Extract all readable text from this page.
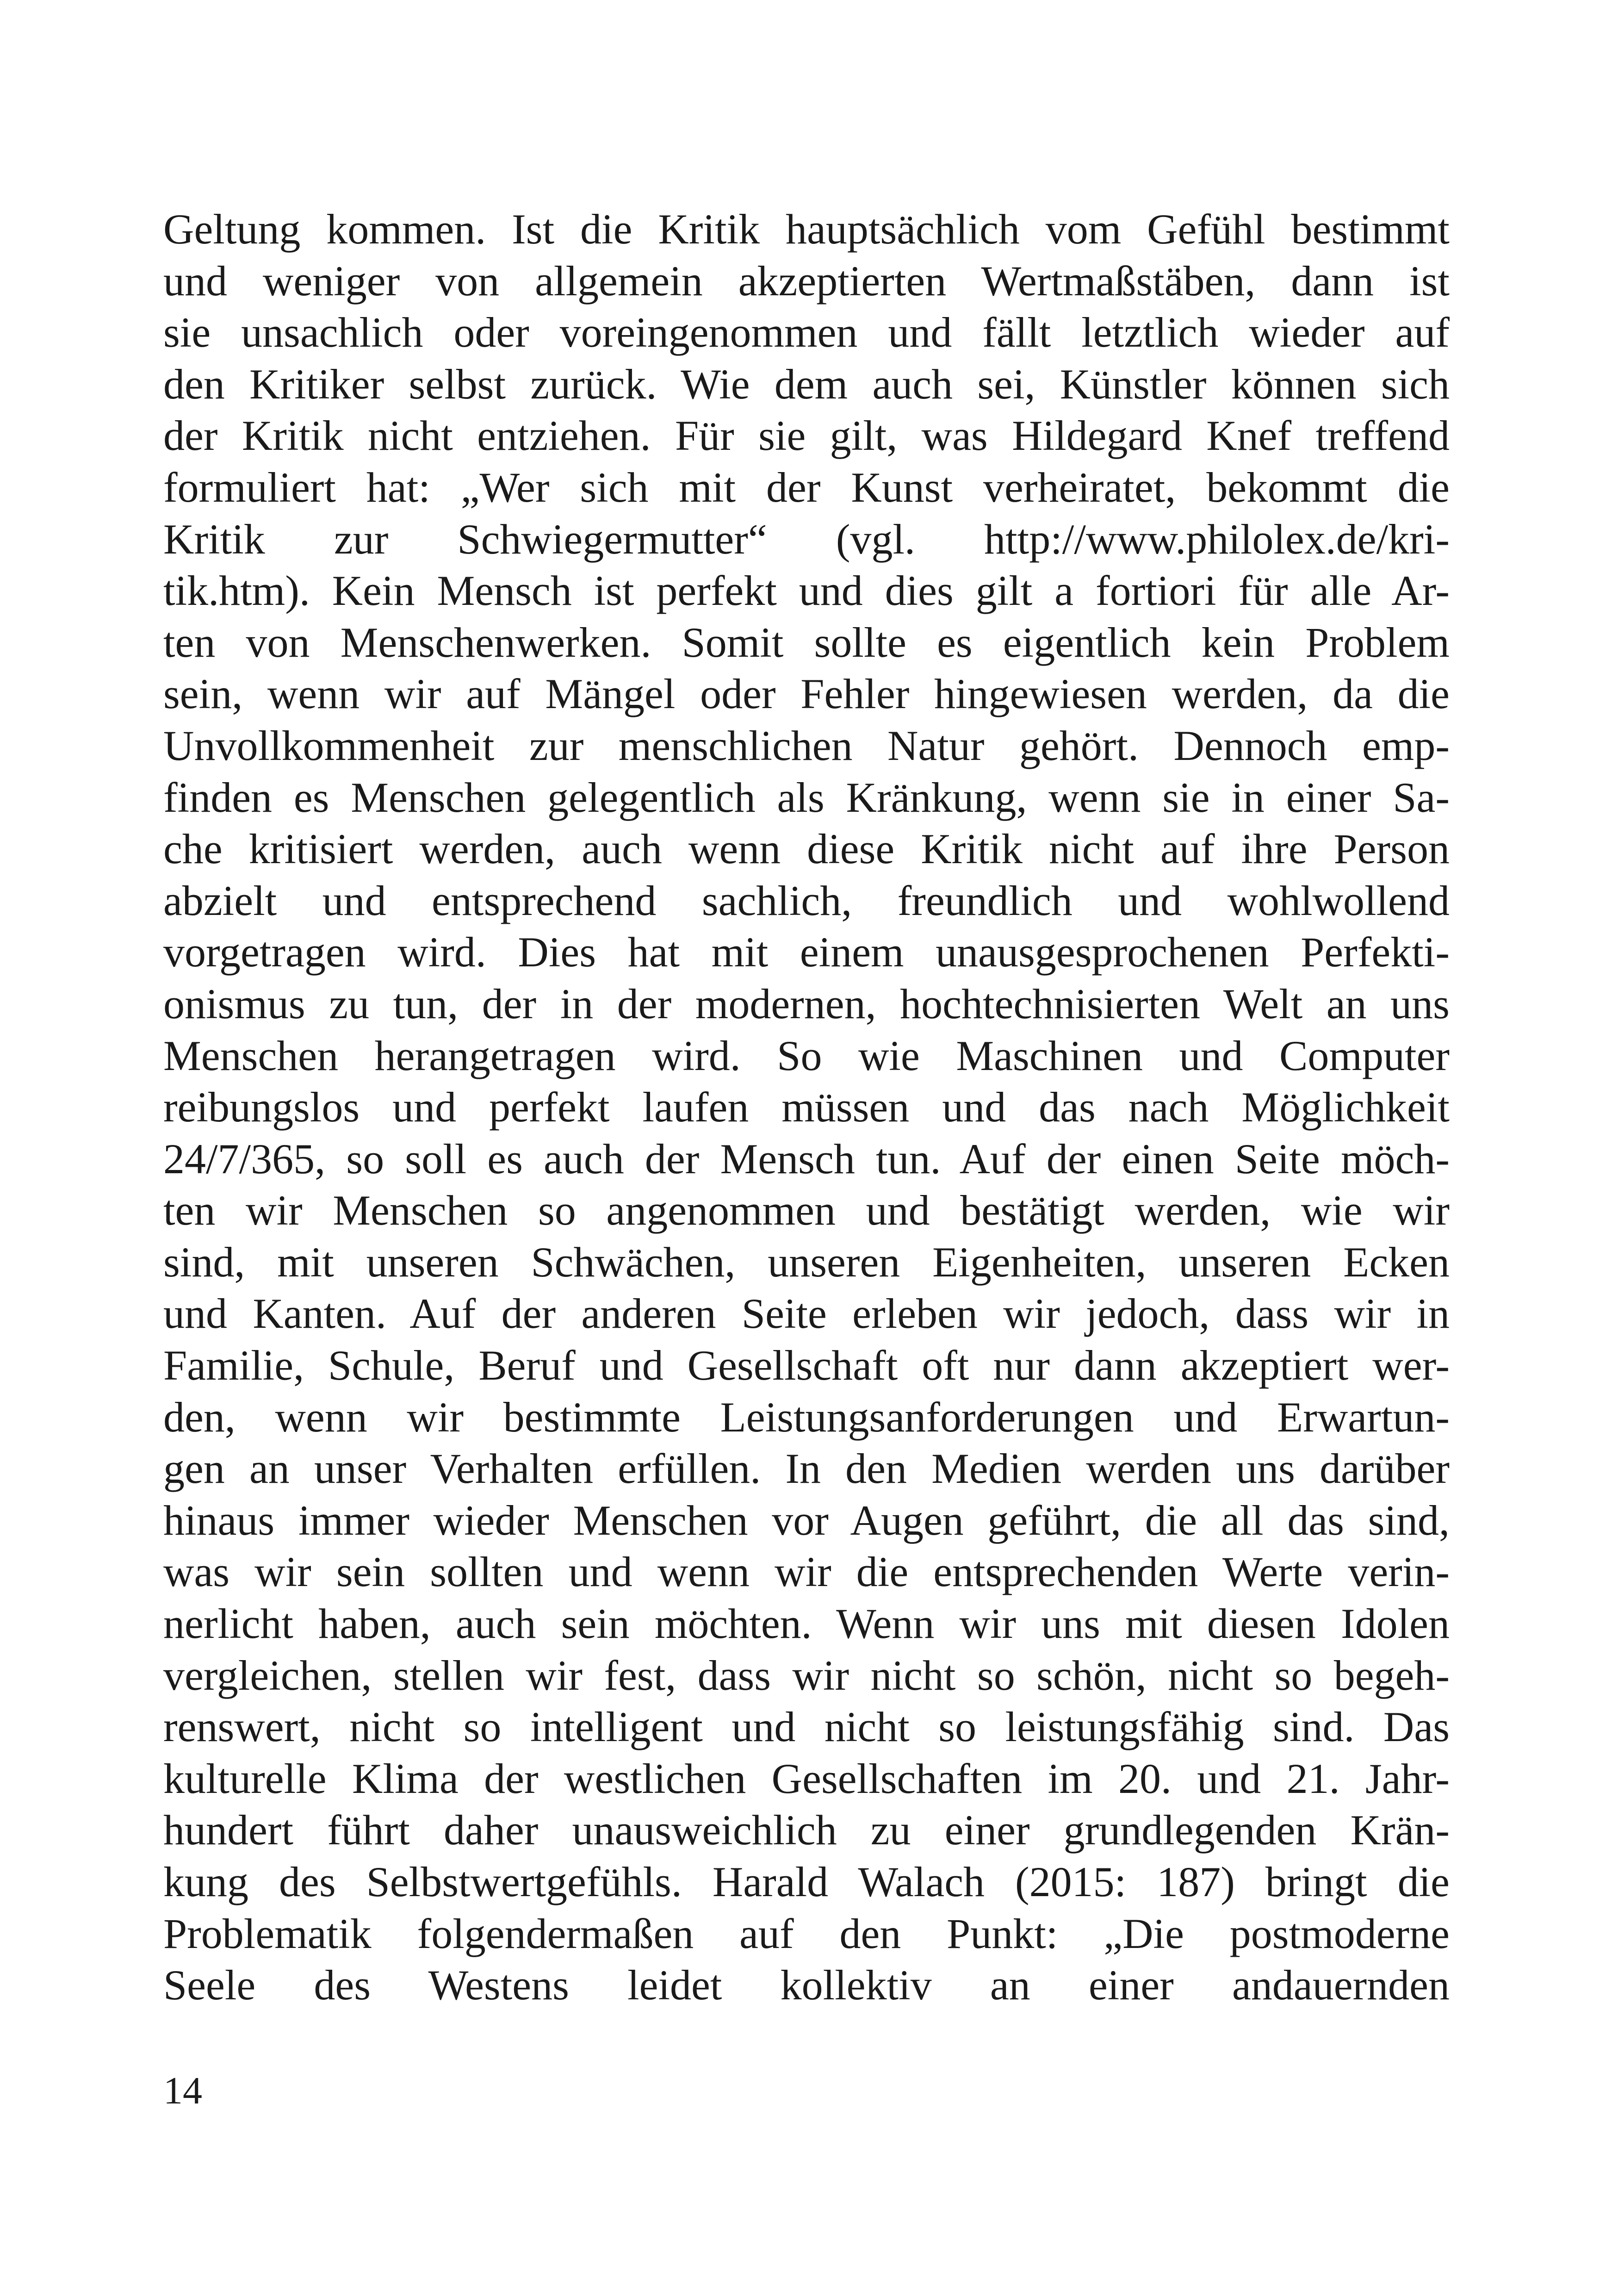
Geltung kommen. Ist die Kritik hauptsächlich vom Gefühl bestimmt
und weniger von allgemein akzeptierten Wertmaßstäben, dann ist
sie unsachlich oder voreingenommen und fällt letztlich wieder auf
den Kritiker selbst zurück. Wie dem auch sei, Künstler können sich
der Kritik nicht entziehen. Für sie gilt, was Hildegard Knef treffend
formuliert hat: „Wer sich mit der Kunst verheiratet, bekommt die
Kritik zur Schwiegermutter“ (vgl. http://www.philolex.de/kri-
tik.htm). Kein Mensch ist perfekt und dies gilt a fortiori für alle Ar-
ten von Menschenwerken. Somit sollte es eigentlich kein Problem
sein, wenn wir auf Mängel oder Fehler hingewiesen werden, da die
Unvollkommenheit zur menschlichen Natur gehört. Dennoch emp-
finden es Menschen gelegentlich als Kränkung, wenn sie in einer Sa-
che kritisiert werden, auch wenn diese Kritik nicht auf ihre Person
abzielt und entsprechend sachlich, freundlich und wohlwollend
vorgetragen wird. Dies hat mit einem unausgesprochenen Perfekti-
onismus zu tun, der in der modernen, hochtechnisierten Welt an uns
Menschen herangetragen wird. So wie Maschinen und Computer
reibungslos und perfekt laufen müssen und das nach Möglichkeit
24/7/365, so soll es auch der Mensch tun. Auf der einen Seite möch-
ten wir Menschen so angenommen und bestätigt werden, wie wir
sind, mit unseren Schwächen, unseren Eigenheiten, unseren Ecken
und Kanten. Auf der anderen Seite erleben wir jedoch, dass wir in
Familie, Schule, Beruf und Gesellschaft oft nur dann akzeptiert wer-
den, wenn wir bestimmte Leistungsanforderungen und Erwartun-
gen an unser Verhalten erfüllen. In den Medien werden uns darüber
hinaus immer wieder Menschen vor Augen geführt, die all das sind,
was wir sein sollten und wenn wir die entsprechenden Werte verin-
nerlicht haben, auch sein möchten. Wenn wir uns mit diesen Idolen
vergleichen, stellen wir fest, dass wir nicht so schön, nicht so begeh-
renswert, nicht so intelligent und nicht so leistungsfähig sind. Das
kulturelle Klima der westlichen Gesellschaften im 20. und 21. Jahr-
hundert führt daher unausweichlich zu einer grundlegenden Krän-
kung des Selbstwertgefühls. Harald Walach (2015: 187) bringt die
Problematik folgendermaßen auf den Punkt: „Die postmoderne
Seele des Westens leidet kollektiv an einer andauernden
14
